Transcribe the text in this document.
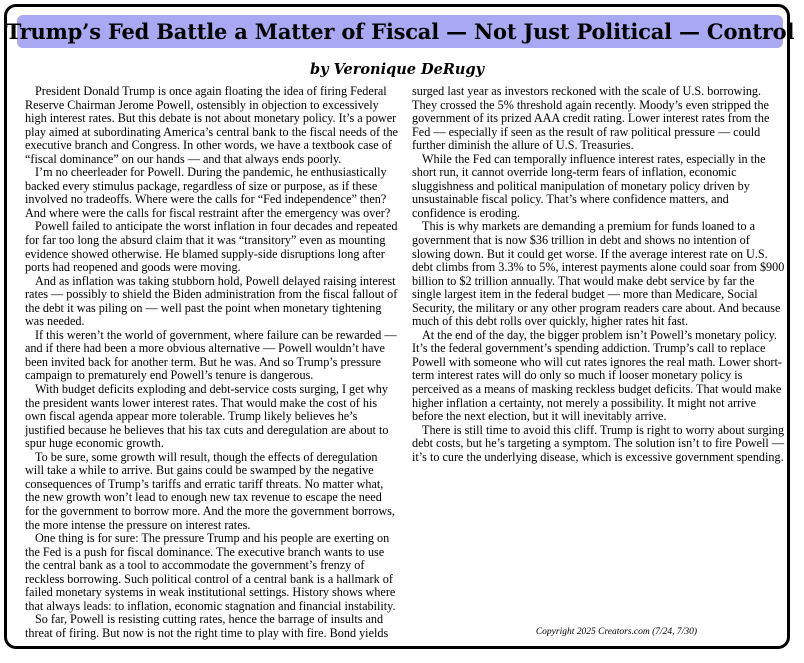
Trump’s Fed Battle a Matter of Fiscal — Not Just Political — Control
by Veronique DeRugy

President Donald Trump is once again floating the idea of firing Federal Reserve Chairman Jerome Powell, ostensibly in objection to excessively high interest rates. But this debate is not about monetary policy. It’s a power play aimed at subordinating America’s central bank to the fiscal needs of the executive branch and Congress. In other words, we have a textbook case of “fiscal dominance” on our hands — and that always ends poorly.

I’m no cheerleader for Powell. During the pandemic, he enthusiastically backed every stimulus package, regardless of size or purpose, as if these involved no tradeoffs. Where were the calls for “Fed independence” then? And where were the calls for fiscal restraint after the emergency was over?

Powell failed to anticipate the worst inflation in four decades and repeated for far too long the absurd claim that it was “transitory” even as mounting evidence showed otherwise. He blamed supply-side disruptions long after ports had reopened and goods were moving.

And as inflation was taking stubborn hold, Powell delayed raising interest rates — possibly to shield the Biden administration from the fiscal fallout of the debt it was piling on — well past the point when monetary tightening was needed.

If this weren’t the world of government, where failure can be rewarded — and if there had been a more obvious alternative — Powell wouldn’t have been invited back for another term. But he was. And so Trump’s pressure campaign to prematurely end Powell’s tenure is dangerous.

With budget deficits exploding and debt-service costs surging, I get why the president wants lower interest rates. That would make the cost of his own fiscal agenda appear more tolerable. Trump likely believes he’s justified because he believes that his tax cuts and deregulation are about to spur huge economic growth.

To be sure, some growth will result, though the effects of deregulation will take a while to arrive. But gains could be swamped by the negative consequences of Trump’s tariffs and erratic tariff threats. No matter what, the new growth won’t lead to enough new tax revenue to escape the need for the government to borrow more. And the more the government borrows, the more intense the pressure on interest rates.

One thing is for sure: The pressure Trump and his people are exerting on the Fed is a push for fiscal dominance. The executive branch wants to use the central bank as a tool to accommodate the government’s frenzy of reckless borrowing. Such political control of a central bank is a hallmark of failed monetary systems in weak institutional settings. History shows where that always leads: to inflation, economic stagnation and financial instability.

So far, Powell is resisting cutting rates, hence the barrage of insults and threat of firing. But now is not the right time to play with fire. Bond yields surged last year as investors reckoned with the scale of U.S. borrowing. They crossed the 5% threshold again recently. Moody’s even stripped the government of its prized AAA credit rating. Lower interest rates from the Fed — especially if seen as the result of raw political pressure — could further diminish the allure of U.S. Treasuries.

While the Fed can temporally influence interest rates, especially in the short run, it cannot override long-term fears of inflation, economic sluggishness and political manipulation of monetary policy driven by unsustainable fiscal policy. That’s where confidence matters, and confidence is eroding.

This is why markets are demanding a premium for funds loaned to a government that is now $36 trillion in debt and shows no intention of slowing down. But it could get worse. If the average interest rate on U.S. debt climbs from 3.3% to 5%, interest payments alone could soar from $900 billion to $2 trillion annually. That would make debt service by far the single largest item in the federal budget — more than Medicare, Social Security, the military or any other program readers care about. And because much of this debt rolls over quickly, higher rates hit fast.

At the end of the day, the bigger problem isn’t Powell’s monetary policy. It’s the federal government’s spending addiction. Trump’s call to replace Powell with someone who will cut rates ignores the real math. Lower short-term interest rates will do only so much if looser monetary policy is perceived as a means of masking reckless budget deficits. That would make higher inflation a certainty, not merely a possibility. It might not arrive before the next election, but it will inevitably arrive.

There is still time to avoid this cliff. Trump is right to worry about surging debt costs, but he’s targeting a symptom. The solution isn’t to fire Powell — it’s to cure the underlying disease, which is excessive government spending.

Copyright 2025 Creators.com (7/24, 7/30)
